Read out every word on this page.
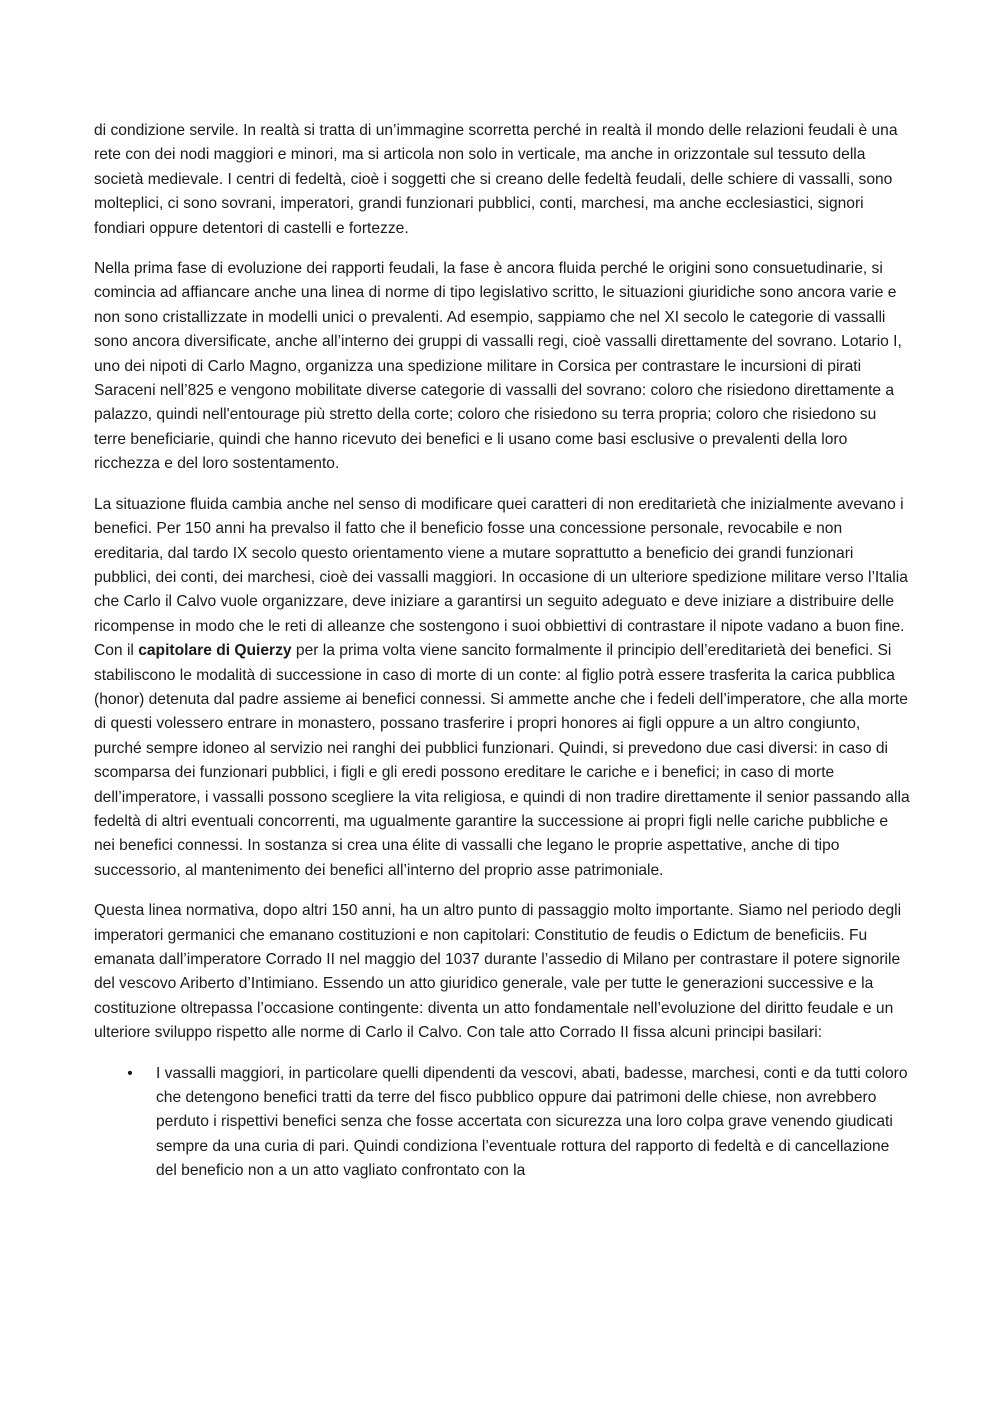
di condizione servile. In realtà si tratta di un’immagine scorretta perché in realtà il mondo delle relazioni feudali è una rete con dei nodi maggiori e minori, ma si articola non solo in verticale, ma anche in orizzontale sul tessuto della società medievale. I centri di fedeltà, cioè i soggetti che si creano delle fedeltà feudali, delle schiere di vassalli, sono molteplici, ci sono sovrani, imperatori, grandi funzionari pubblici, conti, marchesi, ma anche ecclesiastici, signori fondiari oppure detentori di castelli e fortezze.

Nella prima fase di evoluzione dei rapporti feudali, la fase è ancora fluida perché le origini sono consuetudinarie, si comincia ad affiancare anche una linea di norme di tipo legislativo scritto, le situazioni giuridiche sono ancora varie e non sono cristallizzate in modelli unici o prevalenti. Ad esempio, sappiamo che nel XI secolo le categorie di vassalli sono ancora diversificate, anche all’interno dei gruppi di vassalli regi, cioè vassalli direttamente del sovrano. Lotario I, uno dei nipoti di Carlo Magno, organizza una spedizione militare in Corsica per contrastare le incursioni di pirati Saraceni nell’825 e vengono mobilitate diverse categorie di vassalli del sovrano: coloro che risiedono direttamente a palazzo, quindi nell'entourage più stretto della corte; coloro che risiedono su terra propria; coloro che risiedono su terre beneficiarie, quindi che hanno ricevuto dei benefici e li usano come basi esclusive o prevalenti della loro ricchezza e del loro sostentamento.

La situazione fluida cambia anche nel senso di modificare quei caratteri di non ereditarietà che inizialmente avevano i benefici. Per 150 anni ha prevalso il fatto che il beneficio fosse una concessione personale, revocabile e non ereditaria, dal tardo IX secolo questo orientamento viene a mutare soprattutto a beneficio dei grandi funzionari pubblici, dei conti, dei marchesi, cioè dei vassalli maggiori. In occasione di un ulteriore spedizione militare verso l’Italia che Carlo il Calvo vuole organizzare, deve iniziare a garantirsi un seguito adeguato e deve iniziare a distribuire delle ricompense in modo che le reti di alleanze che sostengono i suoi obbiettivi di contrastare il nipote vadano a buon fine. Con il capitolare di Quierzy per la prima volta viene sancito formalmente il principio dell’ereditarietà dei benefici. Si stabiliscono le modalità di successione in caso di morte di un conte: al figlio potrà essere trasferita la carica pubblica (honor) detenuta dal padre assieme ai benefici connessi. Si ammette anche che i fedeli dell’imperatore, che alla morte di questi volessero entrare in monastero, possano trasferire i propri honores ai figli oppure a un altro congiunto, purché sempre idoneo al servizio nei ranghi dei pubblici funzionari. Quindi, si prevedono due casi diversi: in caso di scomparsa dei funzionari pubblici, i figli e gli eredi possono ereditare le cariche e i benefici; in caso di morte dell’imperatore, i vassalli possono scegliere la vita religiosa, e quindi di non tradire direttamente il senior passando alla fedeltà di altri eventuali concorrenti, ma ugualmente garantire la successione ai propri figli nelle cariche pubbliche e nei benefici connessi. In sostanza si crea una élite di vassalli che legano le proprie aspettative, anche di tipo successorio, al mantenimento dei benefici all’interno del proprio asse patrimoniale.

Questa linea normativa, dopo altri 150 anni, ha un altro punto di passaggio molto importante. Siamo nel periodo degli imperatori germanici che emanano costituzioni e non capitolari: Constitutio de feudis o Edictum de beneficiis. Fu emanata dall’imperatore Corrado II nel maggio del 1037 durante l’assedio di Milano per contrastare il potere signorile del vescovo Ariberto d’Intimiano. Essendo un atto giuridico generale, vale per tutte le generazioni successive e la costituzione oltrepassa l’occasione contingente: diventa un atto fondamentale nell’evoluzione del diritto feudale e un ulteriore sviluppo rispetto alle norme di Carlo il Calvo. Con tale atto Corrado II fissa alcuni principi basilari:

• I vassalli maggiori, in particolare quelli dipendenti da vescovi, abati, badesse, marchesi, conti e da tutti coloro che detengono benefici tratti da terre del fisco pubblico oppure dai patrimoni delle chiese, non avrebbero perduto i rispettivi benefici senza che fosse accertata con sicurezza una loro colpa grave venendo giudicati sempre da una curia di pari. Quindi condiziona l’eventuale rottura del rapporto di fedeltà e di cancellazione del beneficio non a un atto vagliato confrontato con la
